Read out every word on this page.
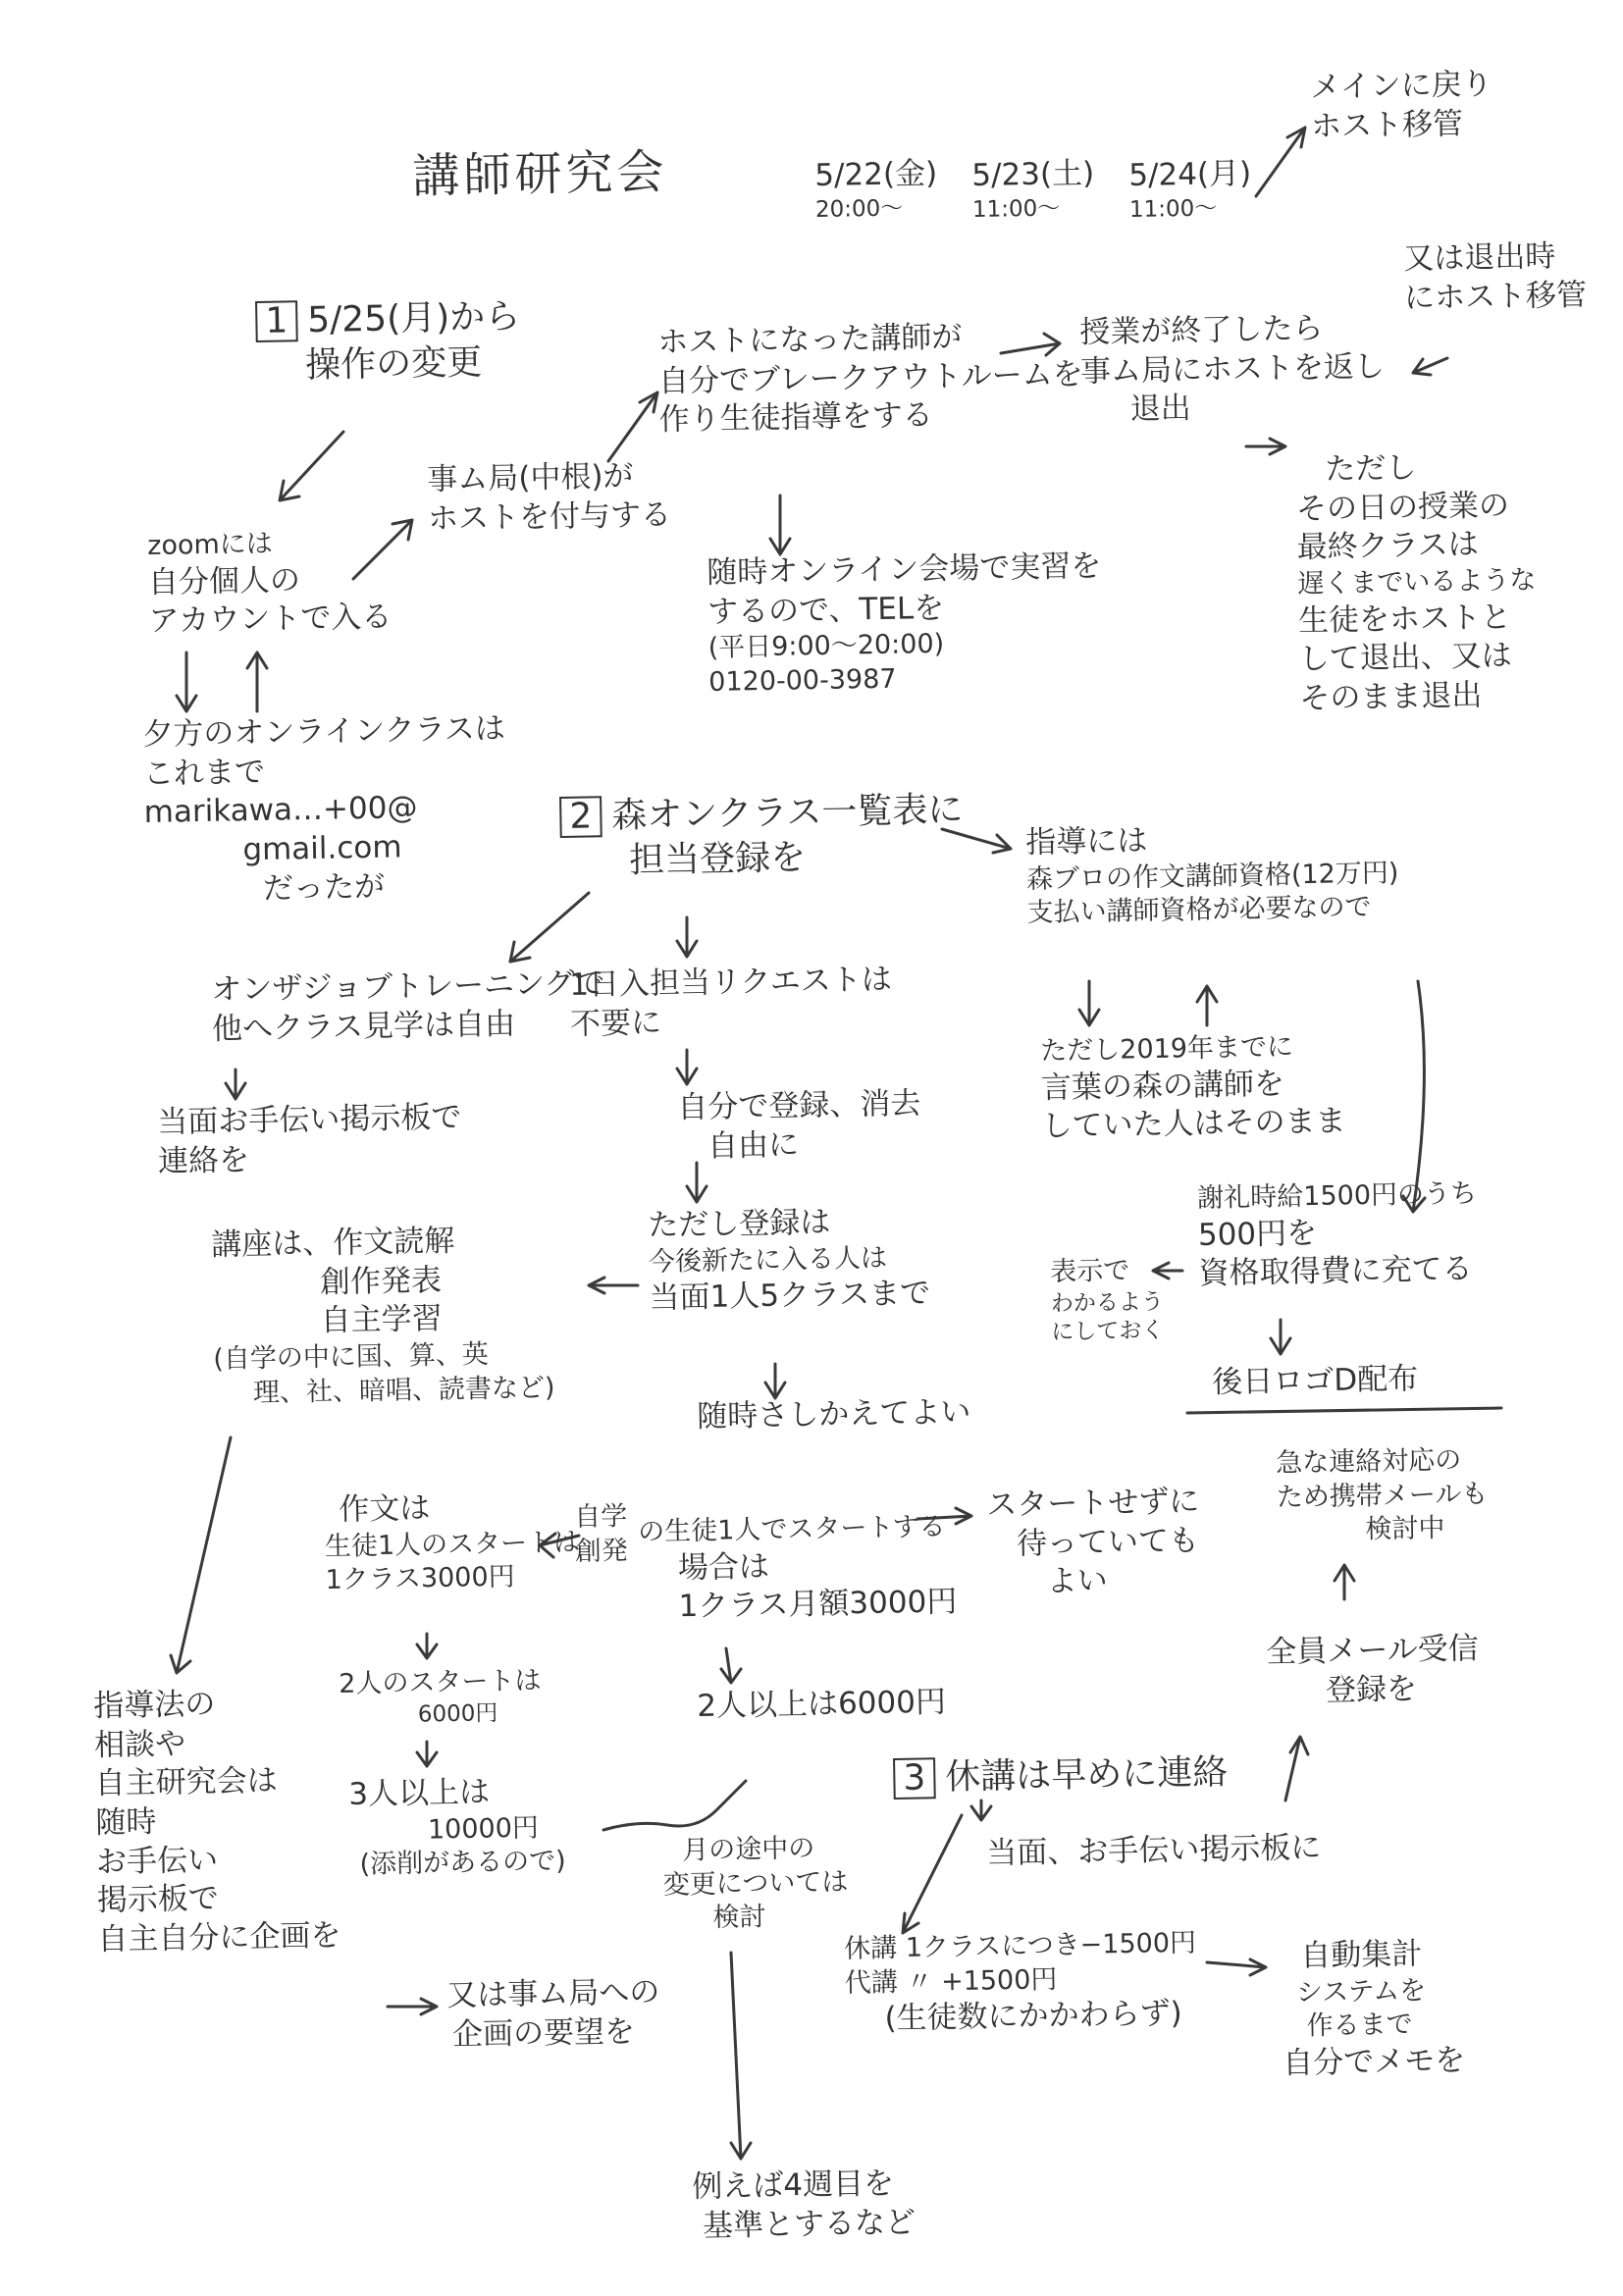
講師研究会	5/22(金)
20:00〜
5/23(土)
11:00〜
5/24(月)
11:00〜
メインに戻り
ホスト移管
又は退出時
にホスト移管
1 5/25(月)から
操作の変更
zoomには
自分個人の
アカウントで入る
夕方のオンラインクラスは
これまで
marikawa…+00@
gmail.com
だったが
事ム局(中根)が
ホストを付与する
ホストになった講師が
自分でブレークアウトルームを
作り生徒指導をする
随時オンライン会場で実習を
するので、TELを
(平日9:00〜20:00)
0120-00-3987
授業が終了したら
事ム局にホストを返し
退出
ただし
その日の授業の
最終クラスは
遅くまでいるような
生徒をホストと
して退出、又は
そのまま退出
2 森オンクラス一覧表に
担当登録を
オンザジョブトレーニングで
他へクラス見学は自由
当面お手伝い掲示板で
連絡を
1日入担当リクエストは
不要に
自分で登録、消去
自由に
ただし登録は
今後新たに入る人は
当面1人5クラスまで
随時さしかえてよい
講座は、作文読解
創作発表
自主学習
(自学の中に国、算、英
理、社、暗唱、読書など)
指導には
森ブロの作文講師資格(12万円)
支払い講師資格が必要なので
ただし2019年までに
言葉の森の講師を
していた人はそのまま
謝礼時給1500円のうち
500円を
資格取得費に充てる
後日ロゴD配布
表示で
わかるよう
にしておく
作文は
生徒1人のスタートは
1クラス3000円
2人のスタートは
6000円
3人以上は
10000円
(添削があるので)
自学
創発
の生徒1人でスタートする
場合は
1クラス月額3000円
スタートせずに
待っていても
よい
2人以上は6000円
月の途中の
変更については
検討
例えば4週目を
基準とするなど
指導法の
相談や
自主研究会は
随時
お手伝い
掲示板で
自主自分に企画を
又は事ム局への
企画の要望を
3 休講は早めに連絡
当面、お手伝い掲示板に
休講 1クラスにつき−1500円
代講 〃 +1500円
(生徒数にかかわらず)
自動集計
システムを
作るまで
自分でメモを
全員メール受信
登録を
急な連絡対応の
ため携帯メールも
検討中
